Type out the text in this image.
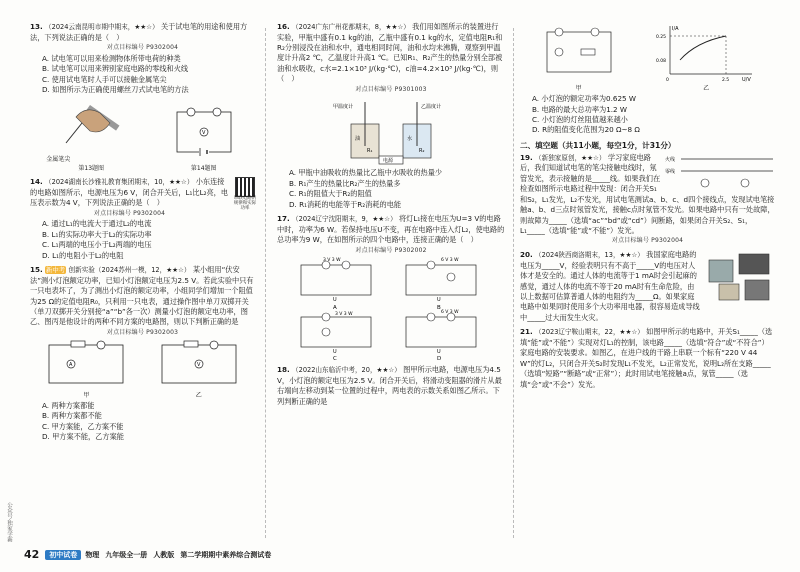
13. （2024云南昆明市期中期末，★★☆） 关于试电笔的用途和使用方法，下列说法正确的是（　）
对点目标编号 P9302004
A. 试电笔可以用来检测物体所带电荷的种类
B. 试电笔可以用来辨别家庭电路的零线和火线
C. 使用试电笔时人手可以接触金属笔尖
D. 如图所示为正确使用螺丝刀式试电笔的方法
金属笔尖
第13题图
V
第14题图
14. （2024湖南长沙雅礼教育集团期末，10，★★☆） 小东连接的电路如图所示，电源电压为6 V，闭合开关后，L₁比L₂亮，电压表示数为4 V，下列说法正确的是（　）	串联电路的规律和实际功率
对点目标编号 P9302004
A. 通过L₁的电流大于通过L₂的电流
B. L₁的实际功率大于L₂的实际功率
C. L₁两端的电压小于L₂两端的电压
D. L₁的电阻小于L₂的电阻
15. 新中考 创新实验（2024苏州一模，12，★★☆） 某小组用“伏安法”测小灯泡额定功率，已知小灯泡额定电压为2.5 V。若此实验中只有一只电表坏了，为了测出小灯泡的额定功率，小组同学们增加一个阻值为25 Ω的定值电阻R₀，只利用一只电表，通过操作图中单刀双掷开关（单刀双掷开关分别接“a”“b”各一次）测量小灯泡的额定电功率，图乙、图丙是他设计的两种不同方案的电路图，则以下判断正确的是
对点目标编号 P9302003
A
甲
V
乙
A. 两种方案都能
B. 两种方案都不能
C. 甲方案能，乙方案不能
D. 甲方案不能，乙方案能
16. （2024广东广州花都期末，8，★★☆） 我们用如图所示的装置进行实验，甲瓶中盛有0.1 kg的油，乙瓶中盛有0.1 kg的水，定值电阻R₁和R₂分别浸没在油和水中，通电相同时间，油和水均未沸腾，观察到甲温度计升高2 ℃，乙温度计升高1 ℃。已知R₁、R₂产生的热量分别全部被油和水吸收，c水=2.1×10³ J/(kg·℃)，c油=4.2×10³ J/(kg·℃)，则（　）
对点目标编号 P9301003
甲温度计	乙温度计
油	水
R₁	R₂
电源
A. 甲瓶中油吸收的热量比乙瓶中水吸收的热量少
B. R₁产生的热量比R₂产生的热量多
C. R₁的阻值大于R₂的阻值
D. R₁消耗的电能等于R₂消耗的电能
17. （2024辽宁沈阳期末，9，★★☆） 将灯L₁接在电压为U=3 V的电路中时，功率为6 W。若保持电压U不变，再在电路中连入灯L₂，使电路的总功率为9 W，在如图所示的四个电路中，连接正确的是（　）
对点目标编号 P9302002
3 V 3 W
U
A
6 V 3 W
U
B
3 V 3 W
U
C
6 V 3 W
U
D
18. （2022山东临沂中考，20，★★☆） 图甲所示电路，电源电压为4.5 V，小灯泡的额定电压为2.5 V。闭合开关后，将滑动变阻器的滑片从最右端向左移动到某一位置的过程中，两电表的示数关系如图乙所示。下列判断正确的是
甲
U/V
I/A
0.25
0.08
0	2.5
乙
A. 小灯泡的额定功率为0.625 W
B. 电路的最大总功率为1.2 W
C. 小灯泡的灯丝阻值越来越小
D. R的阻值变化范围为20 Ω~8 Ω
二、填空题（共11小题，每空1分，计31分）
火线
零线
19. （新独家原创，★★☆） 学习家庭电路后，我们知道试电笔的笔尖接触电线时，氖管发光，表示接触的是_____线。如果我们在检查如图所示电路过程中发现：闭合开关S₁和S₂，L₁发光，L₂不发光，用试电笔测试a、b、c、d四个接线点，发现试电笔接触a、b、d三点时氖管发光，接触c点时氖管不发光。如果电路中只有一处故障，则故障为_____（选填“ac”“bd”或“cd”）间断路，如果闭合开关S₂、S₁，L₁_____（选填“能”或“不能”）发光。
对点目标编号 P9302004
20. （2024陕西商洛期末，13，★★☆） 我国家庭电路的电压为_____V，经验表明只有不高于_____V的电压对人体才是安全的。通过人体的电流等于1 mA时会引起麻的感觉，通过人体的电流不等于20 mA时有生命危险，由以上数据可估算普通人体的电阻约为_____Ω。如果家庭电路中如果同时使用多个大功率用电器，很容易造成导线中_____过大而发生火灾。
21. （2023辽宁鞍山期末，22，★★☆） 如图甲所示的电路中，开关S₁_____（选填“能”或“不能”）实现对灯L₁的控制，该电路_____（选填“符合”或“不符合”）家庭电路的安装要求。如图乙，在进户线的干路上串联一个标有“220 V 44 W”的灯L₂，只闭合开关S₂时发现L₁不发光，L₂正常发光，说明L₂所在支路_____（选填“短路”“断路”或“正常”）；此时用试电笔接触a点，氖管_____（选填“会”或“不会”）发光。
公众号·独家学霸
42	初中试卷	物理 九年级全一册 人教版 第二学期期中素养综合测试卷
